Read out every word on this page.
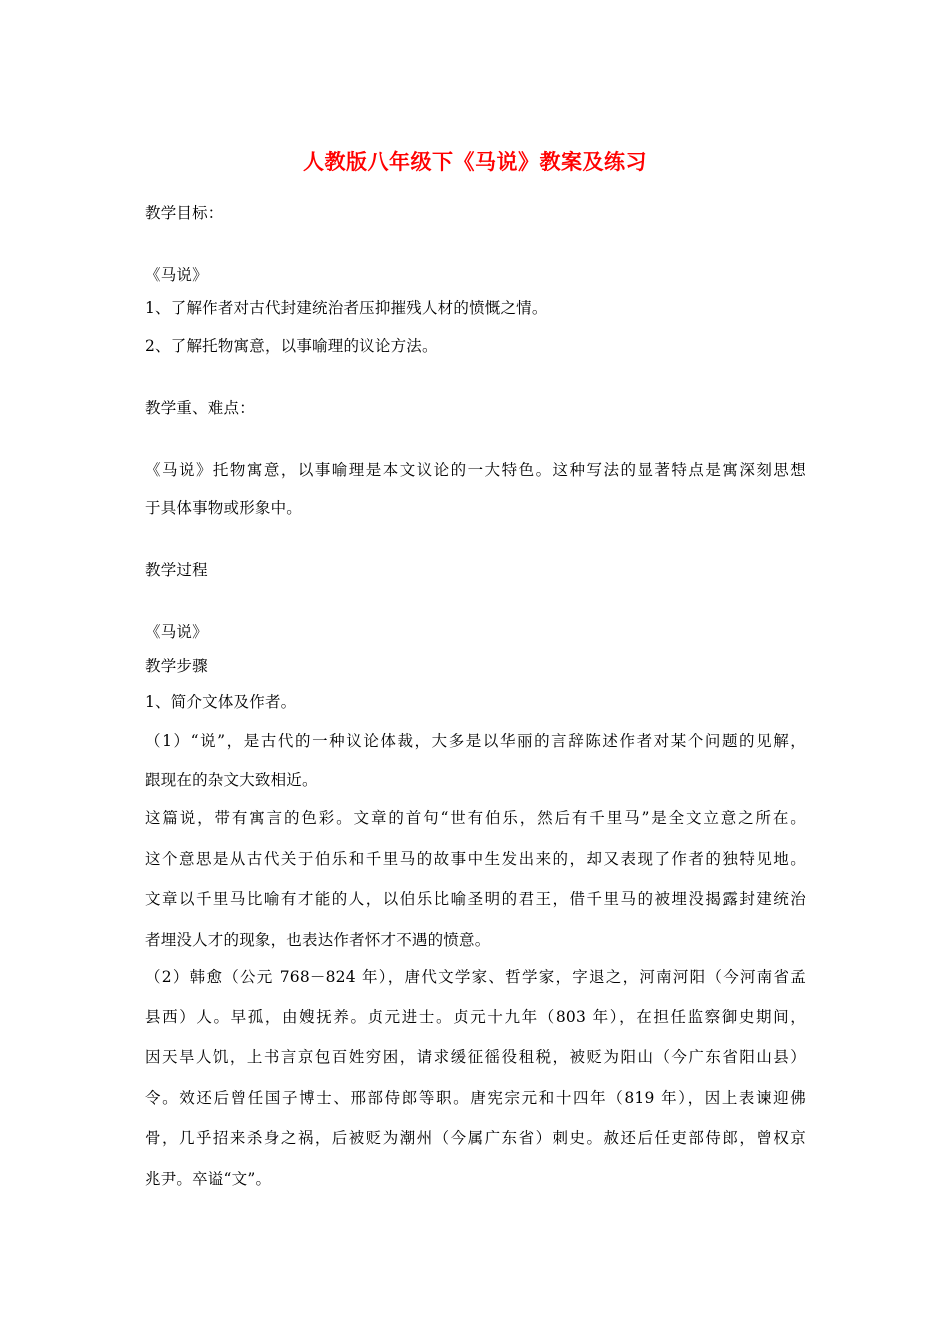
人教版八年级下《马说》教案及练习
教学目标：
《马说》
1、了解作者对古代封建统治者压抑摧残人材的愤慨之情。
2、了解托物寓意，以事喻理的议论方法。
教学重、难点：
《马说》托物寓意，以事喻理是本文议论的一大特色。这种写法的显著特点是寓深刻思想
于具体事物或形象中。
教学过程
《马说》
教学步骤
1、简介文体及作者。
（1）“说”，是古代的一种议论体裁，大多是以华丽的言辞陈述作者对某个问题的见解，
跟现在的杂文大致相近。
这篇说，带有寓言的色彩。文章的首句“世有伯乐，然后有千里马”是全文立意之所在。
这个意思是从古代关于伯乐和千里马的故事中生发出来的，却又表现了作者的独特见地。
文章以千里马比喻有才能的人，以伯乐比喻圣明的君王，借千里马的被埋没揭露封建统治
者埋没人才的现象，也表达作者怀才不遇的愤意。
（2）韩愈（公元 768－824 年），唐代文学家、哲学家，字退之，河南河阳（今河南省孟
县西）人。早孤，由嫂抚养。贞元进士。贞元十九年（803 年），在担任监察御史期间，
因天旱人饥，上书言京包百姓穷困，请求缓征徭役租税，被贬为阳山（今广东省阳山县）
令。效还后曾任国子博士、邢部侍郎等职。唐宪宗元和十四年（819 年），因上表谏迎佛
骨，几乎招来杀身之祸，后被贬为潮州（今属广东省）刺史。赦还后任吏部侍郎，曾权京
兆尹。卒谥“文”。
